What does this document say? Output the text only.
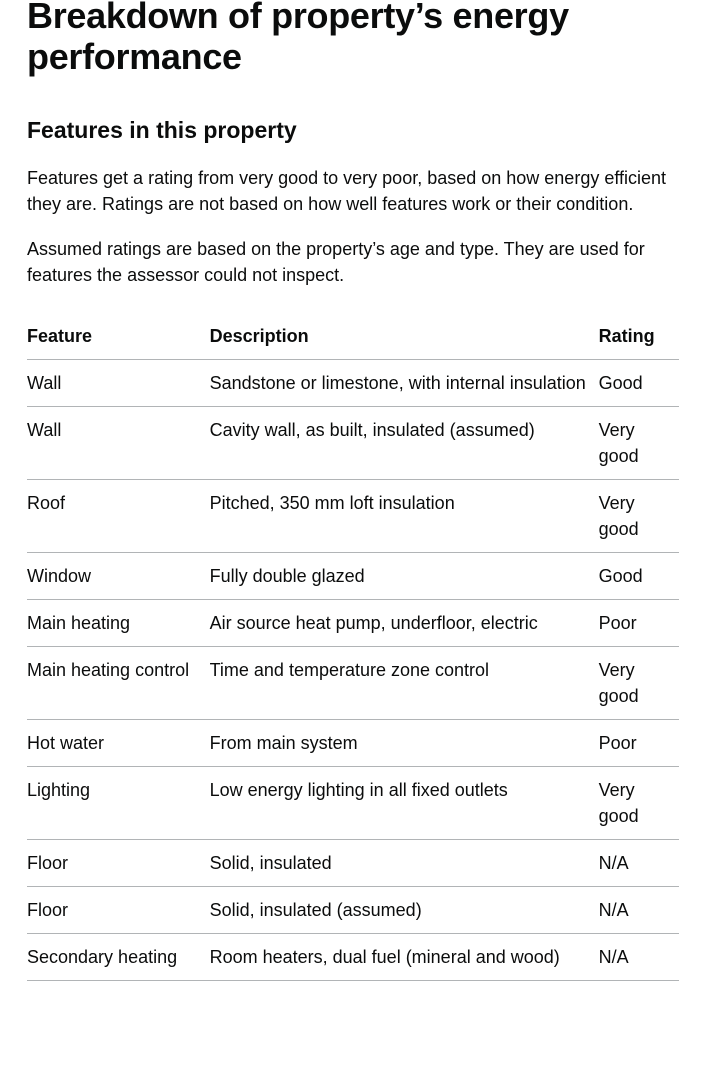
Breakdown of property’s energy performance
Features in this property

Features get a rating from very good to very poor, based on how energy efficient they are. Ratings are not based on how well features work or their condition.

Assumed ratings are based on the property’s age and type. They are used for features the assessor could not inspect.

Feature	Description	Rating
Wall	Sandstone or limestone, with internal insulation	Good
Wall	Cavity wall, as built, insulated (assumed)	Very good
Roof	Pitched, 350 mm loft insulation	Very good
Window	Fully double glazed	Good
Main heating	Air source heat pump, underfloor, electric	Poor
Main heating control	Time and temperature zone control	Very good
Hot water	From main system	Poor
Lighting	Low energy lighting in all fixed outlets	Very good
Floor	Solid, insulated	N/A
Floor	Solid, insulated (assumed)	N/A
Secondary heating	Room heaters, dual fuel (mineral and wood)	N/A
